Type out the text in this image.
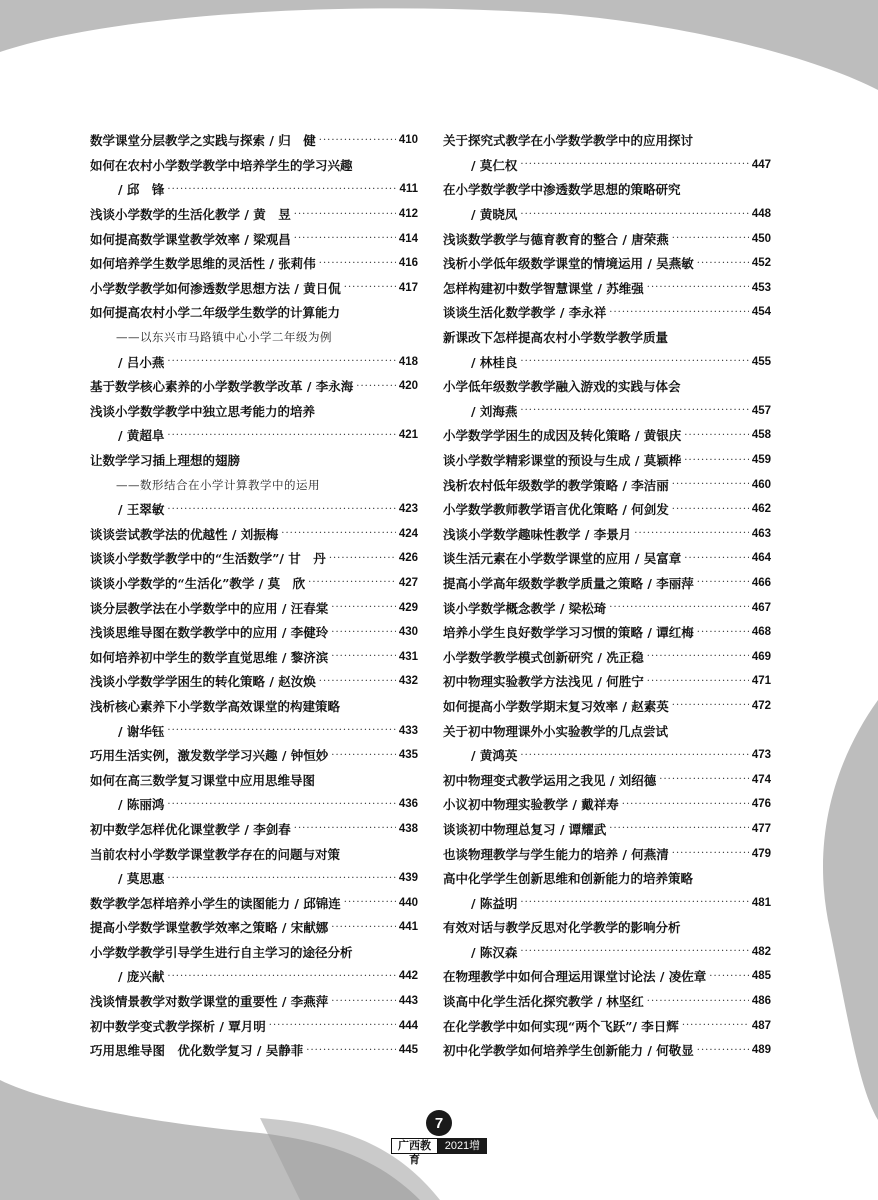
数学课堂分层教学之实践与探索 / 归　健 ·····	410
如何在农村小学数学教学中培养学生的学习兴趣
/ 邱　锋 ·····	411
浅谈小学数学的生活化教学 / 黄　昱 ·····	412
如何提高数学课堂教学效率 / 梁观昌 ·····	414
如何培养学生数学思维的灵活性 / 张莉伟 ·····	416
小学数学教学如何渗透数学思想方法 / 黄日侃 ·····	417
如何提高农村小学二年级学生数学的计算能力
——以东兴市马路镇中心小学二年级为例
/ 吕小燕 ·····	418
基于数学核心素养的小学数学教学改革 / 李永海 ·····	420
浅谈小学数学教学中独立思考能力的培养
/ 黄超阜 ·····	421
让数学学习插上理想的翅膀
——数形结合在小学计算教学中的运用
/ 王翠敏 ·····	423
谈谈尝试教学法的优越性 / 刘振梅 ·····	424
谈谈小学数学教学中的“生活数学”/ 甘　丹 ·····	426
谈谈小学数学的“生活化”教学 / 莫　欣 ·····	427
谈分层教学法在小学数学中的应用 / 汪春棠 ·····	429
浅谈思维导图在数学教学中的应用 / 李健玲 ·····	430
如何培养初中学生的数学直觉思维 / 黎济滨 ·····	431
浅谈小学数学学困生的转化策略 / 赵汝焕 ·····	432
浅析核心素养下小学数学高效课堂的构建策略
/ 谢华钰 ·····	433
巧用生活实例，激发数学学习兴趣 / 钟恒妙 ·····	435
如何在高三数学复习课堂中应用思维导图
/ 陈丽鸿 ·····	436
初中数学怎样优化课堂教学 / 李剑春 ·····	438
当前农村小学数学课堂教学存在的问题与对策
/ 莫思惠 ·····	439
数学教学怎样培养小学生的读图能力 / 邱锦连 ·····	440
提高小学数学课堂教学效率之策略 / 宋献娜 ·····	441
小学数学教学引导学生进行自主学习的途径分析
/ 庞兴献 ·····	442
浅谈情景教学对数学课堂的重要性 / 李燕萍 ·····	443
初中数学变式教学探析 / 覃月明 ·····	444
巧用思维导图　优化数学复习 / 吴静菲 ·····	445
关于探究式教学在小学数学教学中的应用探讨
/ 莫仁权 ·····	447
在小学数学教学中渗透数学思想的策略研究
/ 黄晓凤 ·····	448
浅谈数学教学与德育教育的整合 / 唐荣燕 ·····	450
浅析小学低年级数学课堂的情境运用 / 吴燕敏 ·····	452
怎样构建初中数学智慧课堂 / 苏维强 ·····	453
谈谈生活化数学教学 / 李永祥 ·····	454
新课改下怎样提高农村小学数学教学质量
/ 林桂良 ·····	455
小学低年级数学教学融入游戏的实践与体会
/ 刘海燕 ·····	457
小学数学学困生的成因及转化策略 / 黄银庆 ·····	458
谈小学数学精彩课堂的预设与生成 / 莫颖桦 ·····	459
浅析农村低年级数学的教学策略 / 李洁丽 ·····	460
小学数学教师教学语言优化策略 / 何剑发 ·····	462
浅谈小学数学趣味性教学 / 李景月 ·····	463
谈生活元素在小学数学课堂的应用 / 吴富章 ·····	464
提高小学高年级数学教学质量之策略 / 李丽萍 ·····	466
谈小学数学概念教学 / 梁松琦 ·····	467
培养小学生良好数学学习习惯的策略 / 谭红梅 ·····	468
小学数学教学模式创新研究 / 冼正稳 ·····	469
初中物理实验教学方法浅见 / 何胜宁 ·····	471
如何提高小学数学期末复习效率 / 赵素英 ·····	472
关于初中物理课外小实验教学的几点尝试
/ 黄鸿英 ·····	473
初中物理变式教学运用之我见 / 刘绍德 ·····	474
小议初中物理实验教学 / 戴祥寿 ·····	476
谈谈初中物理总复习 / 谭耀武 ·····	477
也谈物理教学与学生能力的培养 / 何燕清 ·····	479
高中化学学生创新思维和创新能力的培养策略
/ 陈益明 ·····	481
有效对话与教学反思对化学教学的影响分析
/ 陈汉森 ·····	482
在物理教学中如何合理运用课堂讨论法 / 凌佐章 ·····	485
谈高中化学生活化探究教学 / 林坚红 ·····	486
在化学教学中如何实现“两个飞跃”/ 李日辉 ·····	487
初中化学教学如何培养学生创新能力 / 何敬显 ·····	489
7
广西教育
2021增刊
